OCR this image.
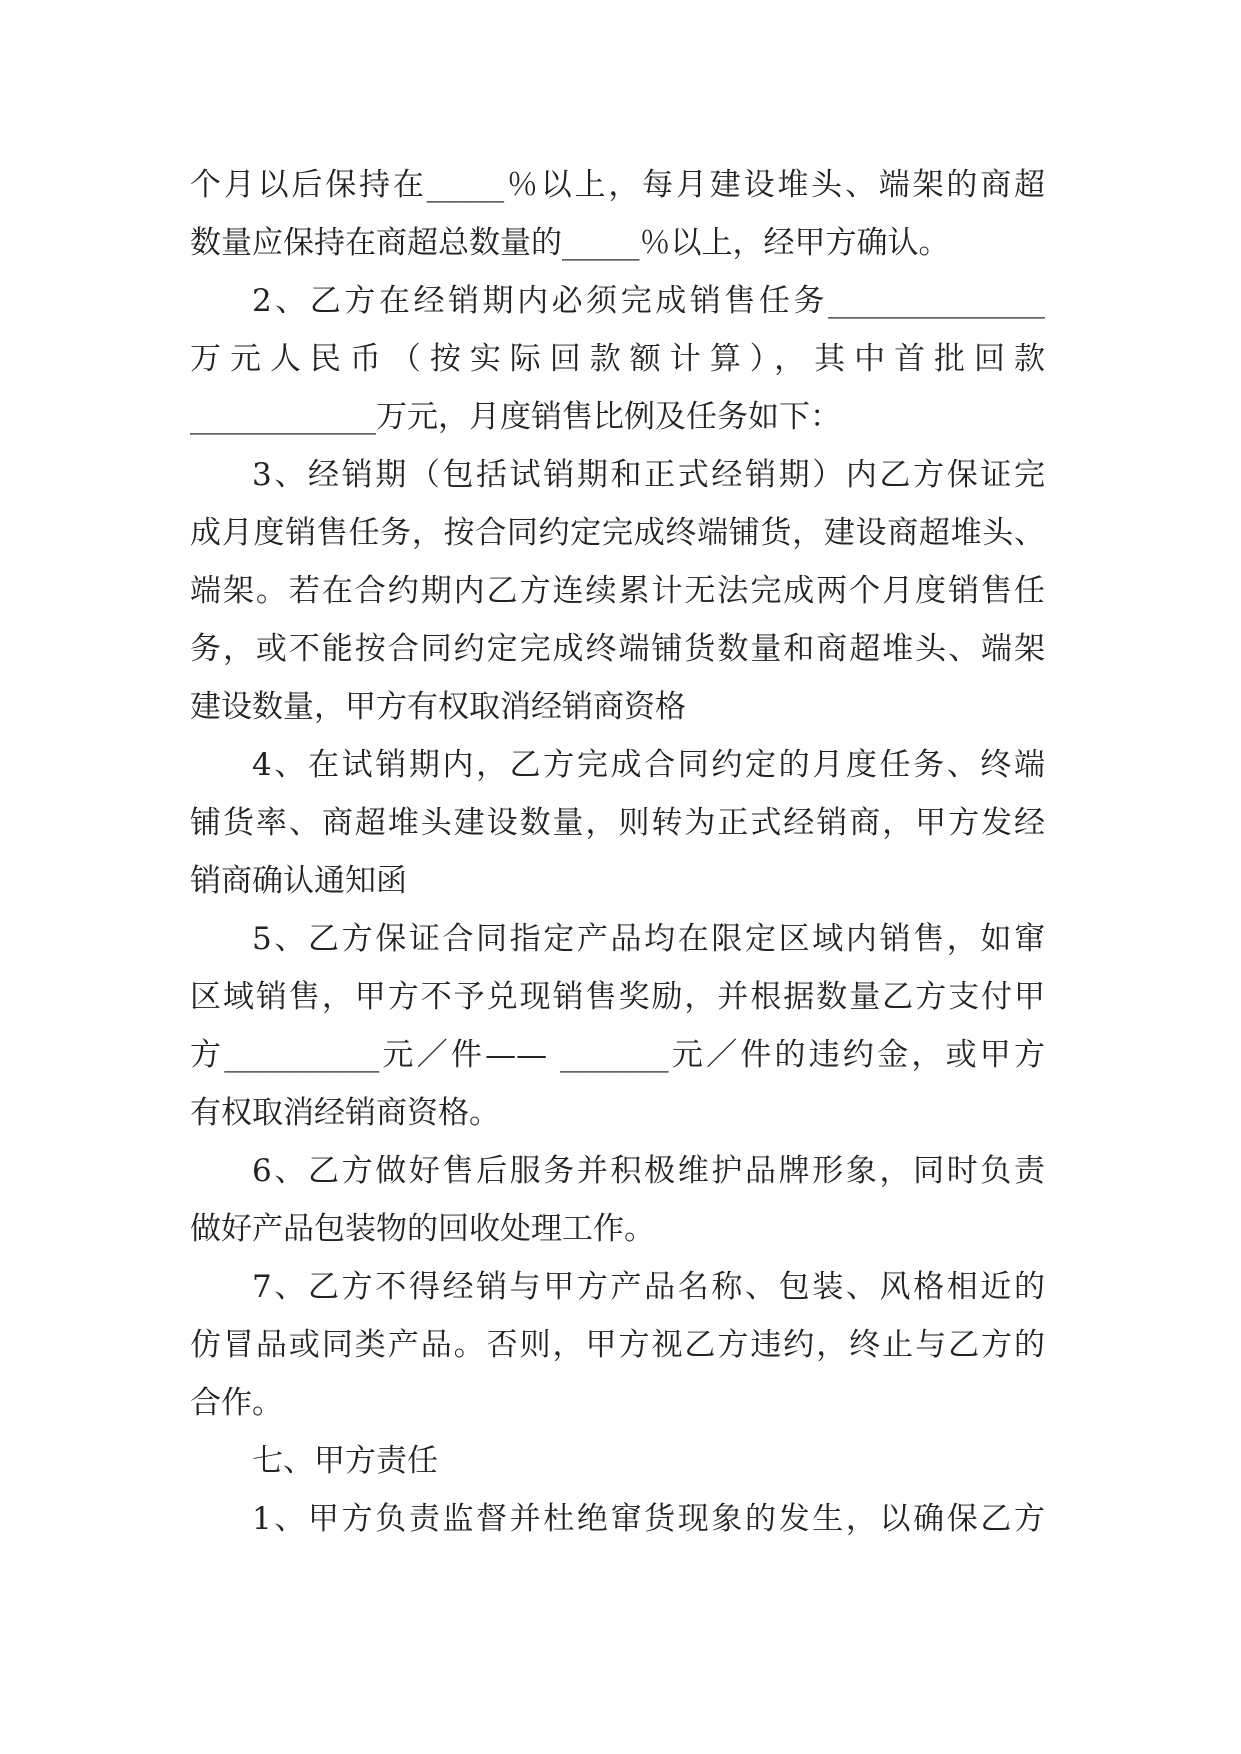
个月以后保持在_____％以上，每月建设堆头、端架的商超
数量应保持在商超总数量的_____％以上，经甲方确认。
2、乙方在经销期内必须完成销售任务______________
万元人民币（按实际回款额计算），其中首批回款
____________万元，月度销售比例及任务如下：
3、经销期（包括试销期和正式经销期）内乙方保证完
成月度销售任务，按合同约定完成终端铺货，建设商超堆头、
端架。若在合约期内乙方连续累计无法完成两个月度销售任
务，或不能按合同约定完成终端铺货数量和商超堆头、端架
建设数量，甲方有权取消经销商资格
4、在试销期内，乙方完成合同约定的月度任务、终端
铺货率、商超堆头建设数量，则转为正式经销商，甲方发经
销商确认通知函
5、乙方保证合同指定产品均在限定区域内销售，如窜
区域销售，甲方不予兑现销售奖励，并根据数量乙方支付甲
方__________元／件—— _______元／件的违约金，或甲方
有权取消经销商资格。
6、乙方做好售后服务并积极维护品牌形象，同时负责
做好产品包装物的回收处理工作。
7、乙方不得经销与甲方产品名称、包装、风格相近的
仿冒品或同类产品。否则，甲方视乙方违约，终止与乙方的
合作。
七、甲方责任
1、甲方负责监督并杜绝窜货现象的发生，以确保乙方
